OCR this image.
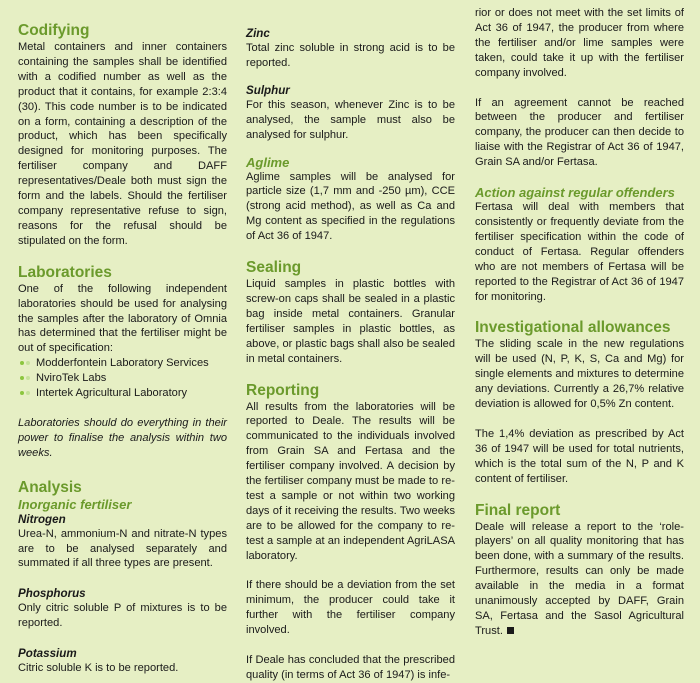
Codifying

Metal containers and inner containers containing the samples shall be identified with a codified number as well as the product that it contains, for example 2:3:4 (30). This code number is to be indicated on a form, containing a description of the product, which has been specifically designed for monitoring purposes. The fertiliser company and DAFF representatives/Deale both must sign the form and the labels. Should the fertiliser company representative refuse to sign, reasons for the refusal should be stipulated on the form.

Laboratories

One of the following independent laboratories should be used for analysing the samples after the laboratory of Omnia has determined that the fertiliser might be out of specification:

Modderfontein Laboratory Services
NviroTek Labs
Intertek Agricultural Laboratory

Laboratories should do everything in their power to finalise the analysis within two weeks.

Analysis
Inorganic fertiliser
Nitrogen

Urea-N, ammonium-N and nitrate-N types are to be analysed separately and summated if all three types are present.

Phosphorus

Only citric soluble P of mixtures is to be reported.

Potassium

Citric soluble K is to be reported.

Zinc

Total zinc soluble in strong acid is to be reported.

Sulphur

For this season, whenever Zinc is to be analysed, the sample must also be analysed for sulphur.

Aglime

Aglime samples will be analysed for particle size (1,7 mm and -250 µm), CCE (strong acid method), as well as Ca and Mg content as specified in the regulations of Act 36 of 1947.

Sealing

Liquid samples in plastic bottles with screw-on caps shall be sealed in a plastic bag inside metal containers. Granular fertiliser samples in plastic bottles, as above, or plastic bags shall also be sealed in metal containers.

Reporting

All results from the laboratories will be reported to Deale. The results will be communicated to the individuals involved from Grain SA and Fertasa and the fertiliser company involved. A decision by the fertiliser company must be made to re-test a sample or not within two working days of it receiving the results. Two weeks are to be allowed for the company to re-test a sample at an independent AgriLASA laboratory.

If there should be a deviation from the set minimum, the producer could take it further with the fertiliser company involved.

If Deale has concluded that the prescribed quality (in terms of Act 36 of 1947) is infe-

rior or does not meet with the set limits of Act 36 of 1947, the producer from where the fertiliser and/or lime samples were taken, could take it up with the fertiliser company involved.

If an agreement cannot be reached between the producer and fertiliser company, the producer can then decide to liaise with the Registrar of Act 36 of 1947, Grain SA and/or Fertasa.

Action against regular offenders

Fertasa will deal with members that consistently or frequently deviate from the fertiliser specification within the code of conduct of Fertasa. Regular offenders who are not members of Fertasa will be reported to the Registrar of Act 36 of 1947 for monitoring.

Investigational allowances

The sliding scale in the new regulations will be used (N, P, K, S, Ca and Mg) for single elements and mixtures to determine any deviations. Currently a 26,7% relative deviation is allowed for 0,5% Zn content.

The 1,4% deviation as prescribed by Act 36 of 1947 will be used for total nutrients, which is the total sum of the N, P and K content of fertiliser.

Final report

Deale will release a report to the ‘role-players’ on all quality monitoring that has been done, with a summary of the results. Furthermore, results can only be made available in the media in a format unanimously accepted by DAFF, Grain SA, Fertasa and the Sasol Agricultural Trust.
